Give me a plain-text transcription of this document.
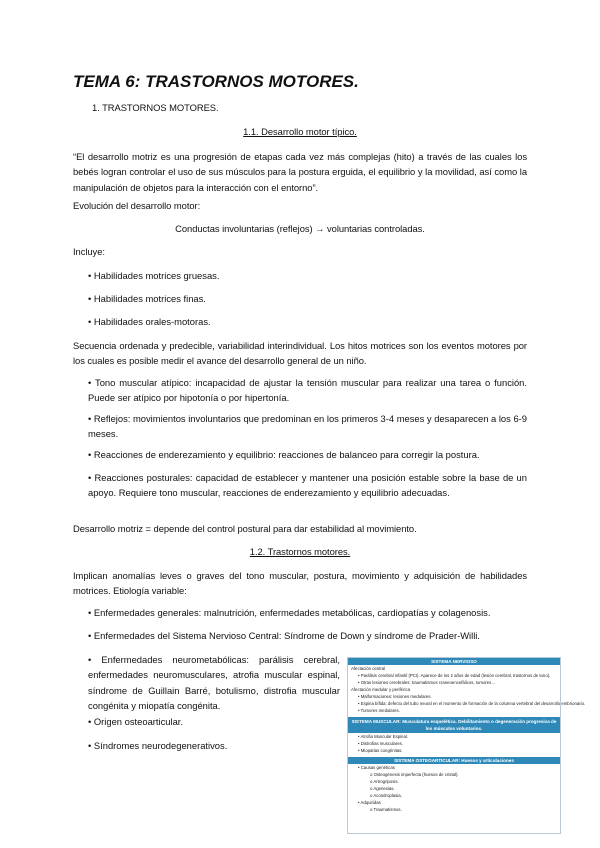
TEMA 6: TRASTORNOS MOTORES.
1. TRASTORNOS MOTORES.
1.1. Desarrollo motor típico.
“El desarrollo motriz es una progresión de etapas cada vez más complejas (hito) a través de las cuales los bebés logran controlar el uso de sus músculos para la postura erguida, el equilibrio y la movilidad, así como la manipulación de objetos para la interacción con el entorno”.
Evolución del desarrollo motor:
Conductas involuntarias (reflejos) → voluntarias controladas.
Incluye:
• Habilidades motrices gruesas.
• Habilidades motrices finas.
• Habilidades orales-motoras.
Secuencia ordenada y predecible, variabilidad interindividual. Los hitos motrices son los eventos motores por los cuales es posible medir el avance del desarrollo general de un niño.
• Tono muscular atípico: incapacidad de ajustar la tensión muscular para realizar una tarea o función. Puede ser atípico por hipotonía o por hipertonía.
• Reflejos: movimientos involuntarios que predominan en los primeros 3-4 meses y desaparecen a los 6-9 meses.
• Reacciones de enderezamiento y equilibrio: reacciones de balanceo para corregir la postura.
• Reacciones posturales: capacidad de establecer y mantener una posición estable sobre la base de un apoyo. Requiere tono muscular, reacciones de enderezamiento y equilibrio adecuadas.
Desarrollo motriz = depende del control postural para dar estabilidad al movimiento.
1.2. Trastornos motores.
Implican anomalías leves o graves del tono muscular, postura, movimiento y adquisición de habilidades motrices. Etiología variable:
• Enfermedades generales: malnutrición, enfermedades metabólicas, cardiopatías y colagenosis.
• Enfermedades del Sistema Nervioso Central: Síndrome de Down y síndrome de Prader-Willi.
• Enfermedades neurometabólicas: parálisis cerebral, enfermedades neuromusculares, atrofia muscular espinal, síndrome de Guillain Barré, botulismo, distrofia muscular congénita y miopatía congénita.
• Origen osteoarticular.
• Síndromes neurodegenerativos.
SISTEMA NERVIOSO
Afectación central
• Parálisis cerebral infantil (PCI). Aparece de los 2 años de edad (lesión cerebral, trastornos de tono).
• Otras lesiones cerebrales: traumatismos craneoencefálicos, tumores...
Afectación medular y periférica
• Malformaciones: lesiones medulares.
• Espina bífida: defecto del tubo neural en el momento de formación de la columna vertebral del desarrollo embrionario.
• Tumores medulares.
SISTEMA MUSCULAR: Musculatura esquelética. Debilitamiento o degeneración progresiva de los músculos voluntarios.
• Atrofia Muscular Espinal.
• Distrofias musculares.
• Miopatías congénitas.
SISTEMA OSTEOARTICULAR: Huesos y articulaciones
• Causas genéticas
o Osteogénesis imperfecta (huesos de cristal).
o Artrogriposis.
o Agenesias.
o Acondroplasia.
• Adquiridas
o Traumatismos.
